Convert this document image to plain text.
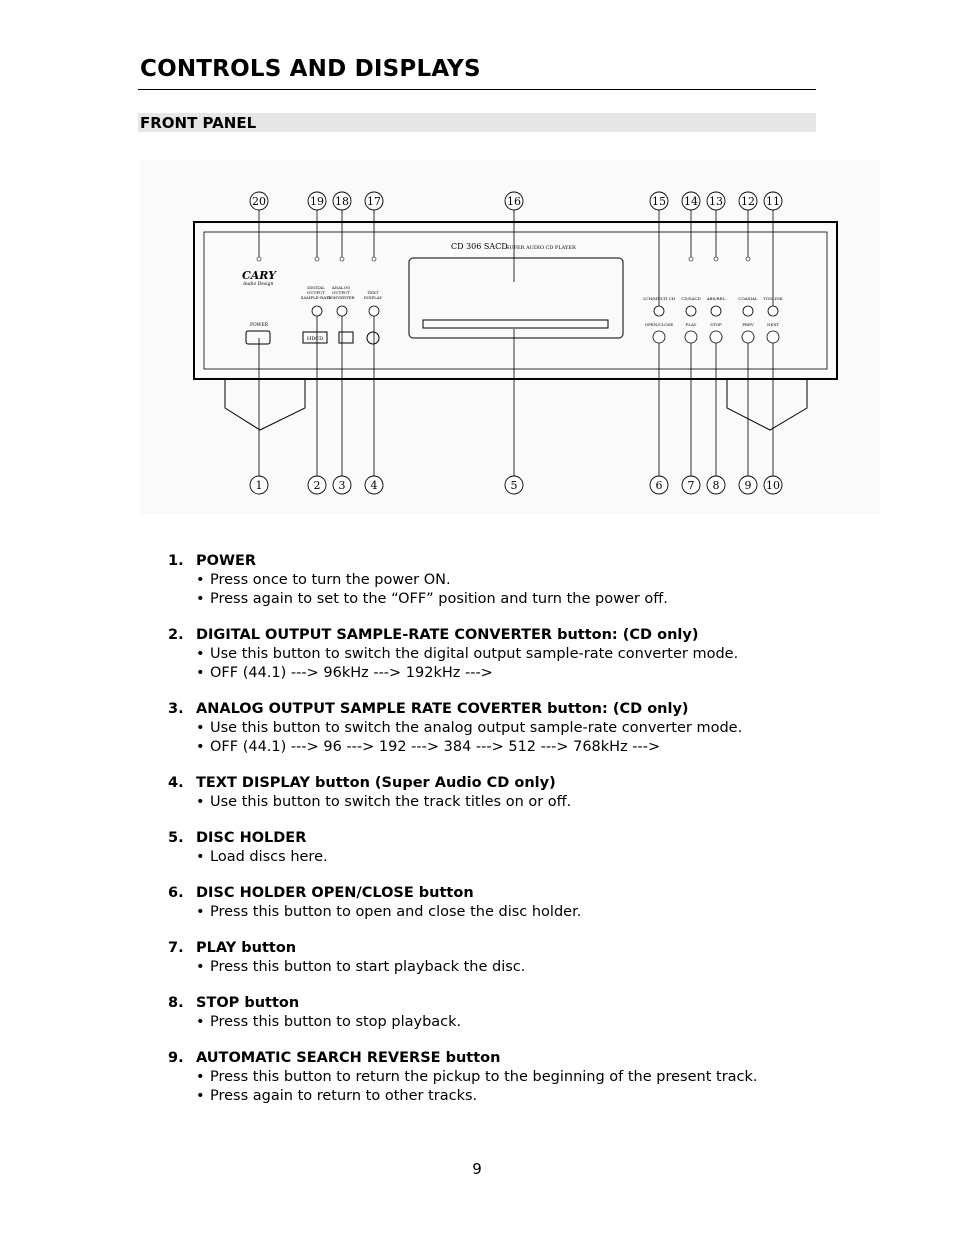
CONTROLS AND DISPLAYS
FRONT PANEL
20	19 18 17	16	15 14 13 12 11
1	2 3 4	5	6 7 8 9 10
CD 306 SACD
SUPER AUDIO CD PLAYER
CARY
Audio Design
POWER
DIGITAL
OUTPUT
SAMPLE-RATE
ANALOG
OUTPUT
CONVERTER
TEXT
DISPLAY
HDCD
2CH/MULTI CH CD/SACD ABS/REL	COAXIAL TOSLINK
OPEN/CLOSE	PLAY	STOP	PREV	NEXT
1. POWER
• Press once to turn the power ON.
• Press again to set to the “OFF” position and turn the power off.
2. DIGITAL OUTPUT SAMPLE-RATE CONVERTER button: (CD only)
• Use this button to switch the digital output sample-rate converter mode.
• OFF (44.1) ---> 96kHz ---> 192kHz --->
3. ANALOG OUTPUT SAMPLE RATE COVERTER button: (CD only)
• Use this button to switch the analog output sample-rate converter mode.
• OFF (44.1) ---> 96 ---> 192 ---> 384 ---> 512 ---> 768kHz --->
4. TEXT DISPLAY button (Super Audio CD only)
• Use this button to switch the track titles on or off.
5. DISC HOLDER
• Load discs here.
6. DISC HOLDER OPEN/CLOSE button
• Press this button to open and close the disc holder.
7. PLAY button
• Press this button to start playback the disc.
8. STOP button
• Press this button to stop playback.
9. AUTOMATIC SEARCH REVERSE button
• Press this button to return the pickup to the beginning of the present track.
• Press again to return to other tracks.
9
